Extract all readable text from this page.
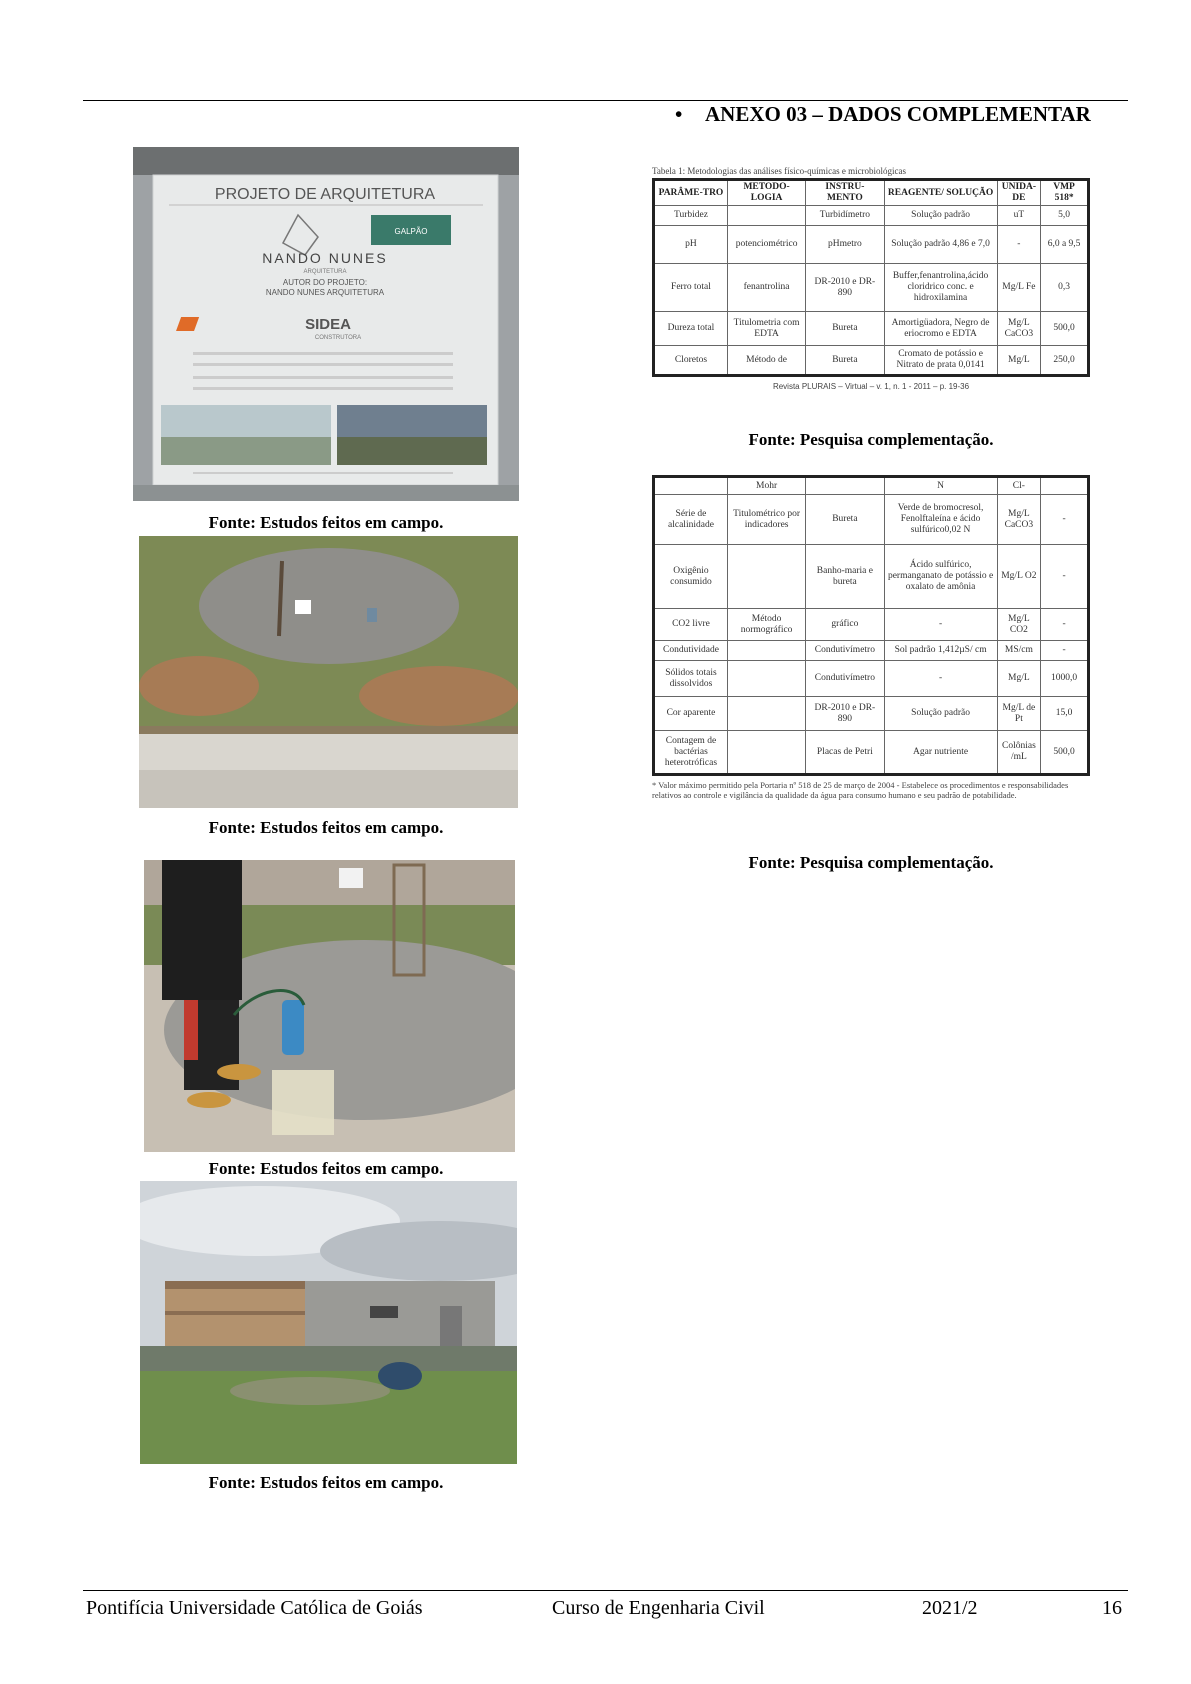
• ANEXO 03 – DADOS COMPLEMENTAR
PROJETO DE ARQUITETURA
GALPÃO
NANDO NUNES
ARQUITETURA
AUTOR DO PROJETO:
NANDO NUNES ARQUITETURA
SIDEA
CONSTRUTORA
Fonte: Estudos feitos em campo.
Fonte: Estudos feitos em campo.
Fonte: Estudos feitos em campo.
Fonte: Estudos feitos em campo.
Tabela 1: Metodologias das análises físico-químicas e microbiológicas
PARÂME-TRO	METODO-LOGIA	INSTRU-MENTO	REAGENTE/ SOLUÇÃO	UNIDA-DE	VMP 518*
Turbidez		Turbidímetro	Solução padrão	uT	5,0
pH	potenciométrico	pHmetro	Solução padrão 4,86 e 7,0	-	6,0 a 9,5
Ferro total	fenantrolina	DR-2010 e DR-890	Buffer,fenantrolina,ácido cloridrico conc. e hidroxilamina	Mg/L Fe	0,3
Dureza total	Titulometria com EDTA	Bureta	Amortigüadora, Negro de eriocromo e EDTA	Mg/L CaCO3	500,0
Cloretos	Método de	Bureta	Cromato de potássio e Nitrato de prata 0,0141	Mg/L	250,0
Revista PLURAIS – Virtual – v. 1, n. 1 - 2011 – p. 19-36
Fonte: Pesquisa complementação.
	Mohr		N	Cl-	
Série de alcalinidade	Titulométrico por indicadores	Bureta	Verde de bromocresol, Fenolftaleína e ácido sulfúrico0,02 N	Mg/L CaCO3	-
Oxigênio consumido		Banho-maria e bureta	Ácido sulfúrico, permanganato de potássio e oxalato de amônia	Mg/L O2	-
CO2 livre	Método normográfico	gráfico	-	Mg/L CO2	-
Condutividade		Condutivímetro	Sol padrão 1,412µS/ cm	MS/cm	-
Sólidos totais dissolvidos		Condutivímetro	-	Mg/L	1000,0
Cor aparente		DR-2010 e DR-890	Solução padrão	Mg/L de Pt	15,0
Contagem de bactérias heterotróficas		Placas de Petri	Agar nutriente	Colônias /mL	500,0
* Valor máximo permitido pela Portaria nº 518 de 25 de março de 2004 - Estabelece os procedimentos e responsabilidades relativos ao controle e vigilância da qualidade da água para consumo humano e seu padrão de potabilidade.
Fonte: Pesquisa complementação.
Pontifícia Universidade Católica de Goiás	Curso de Engenharia Civil	2021/2	16
